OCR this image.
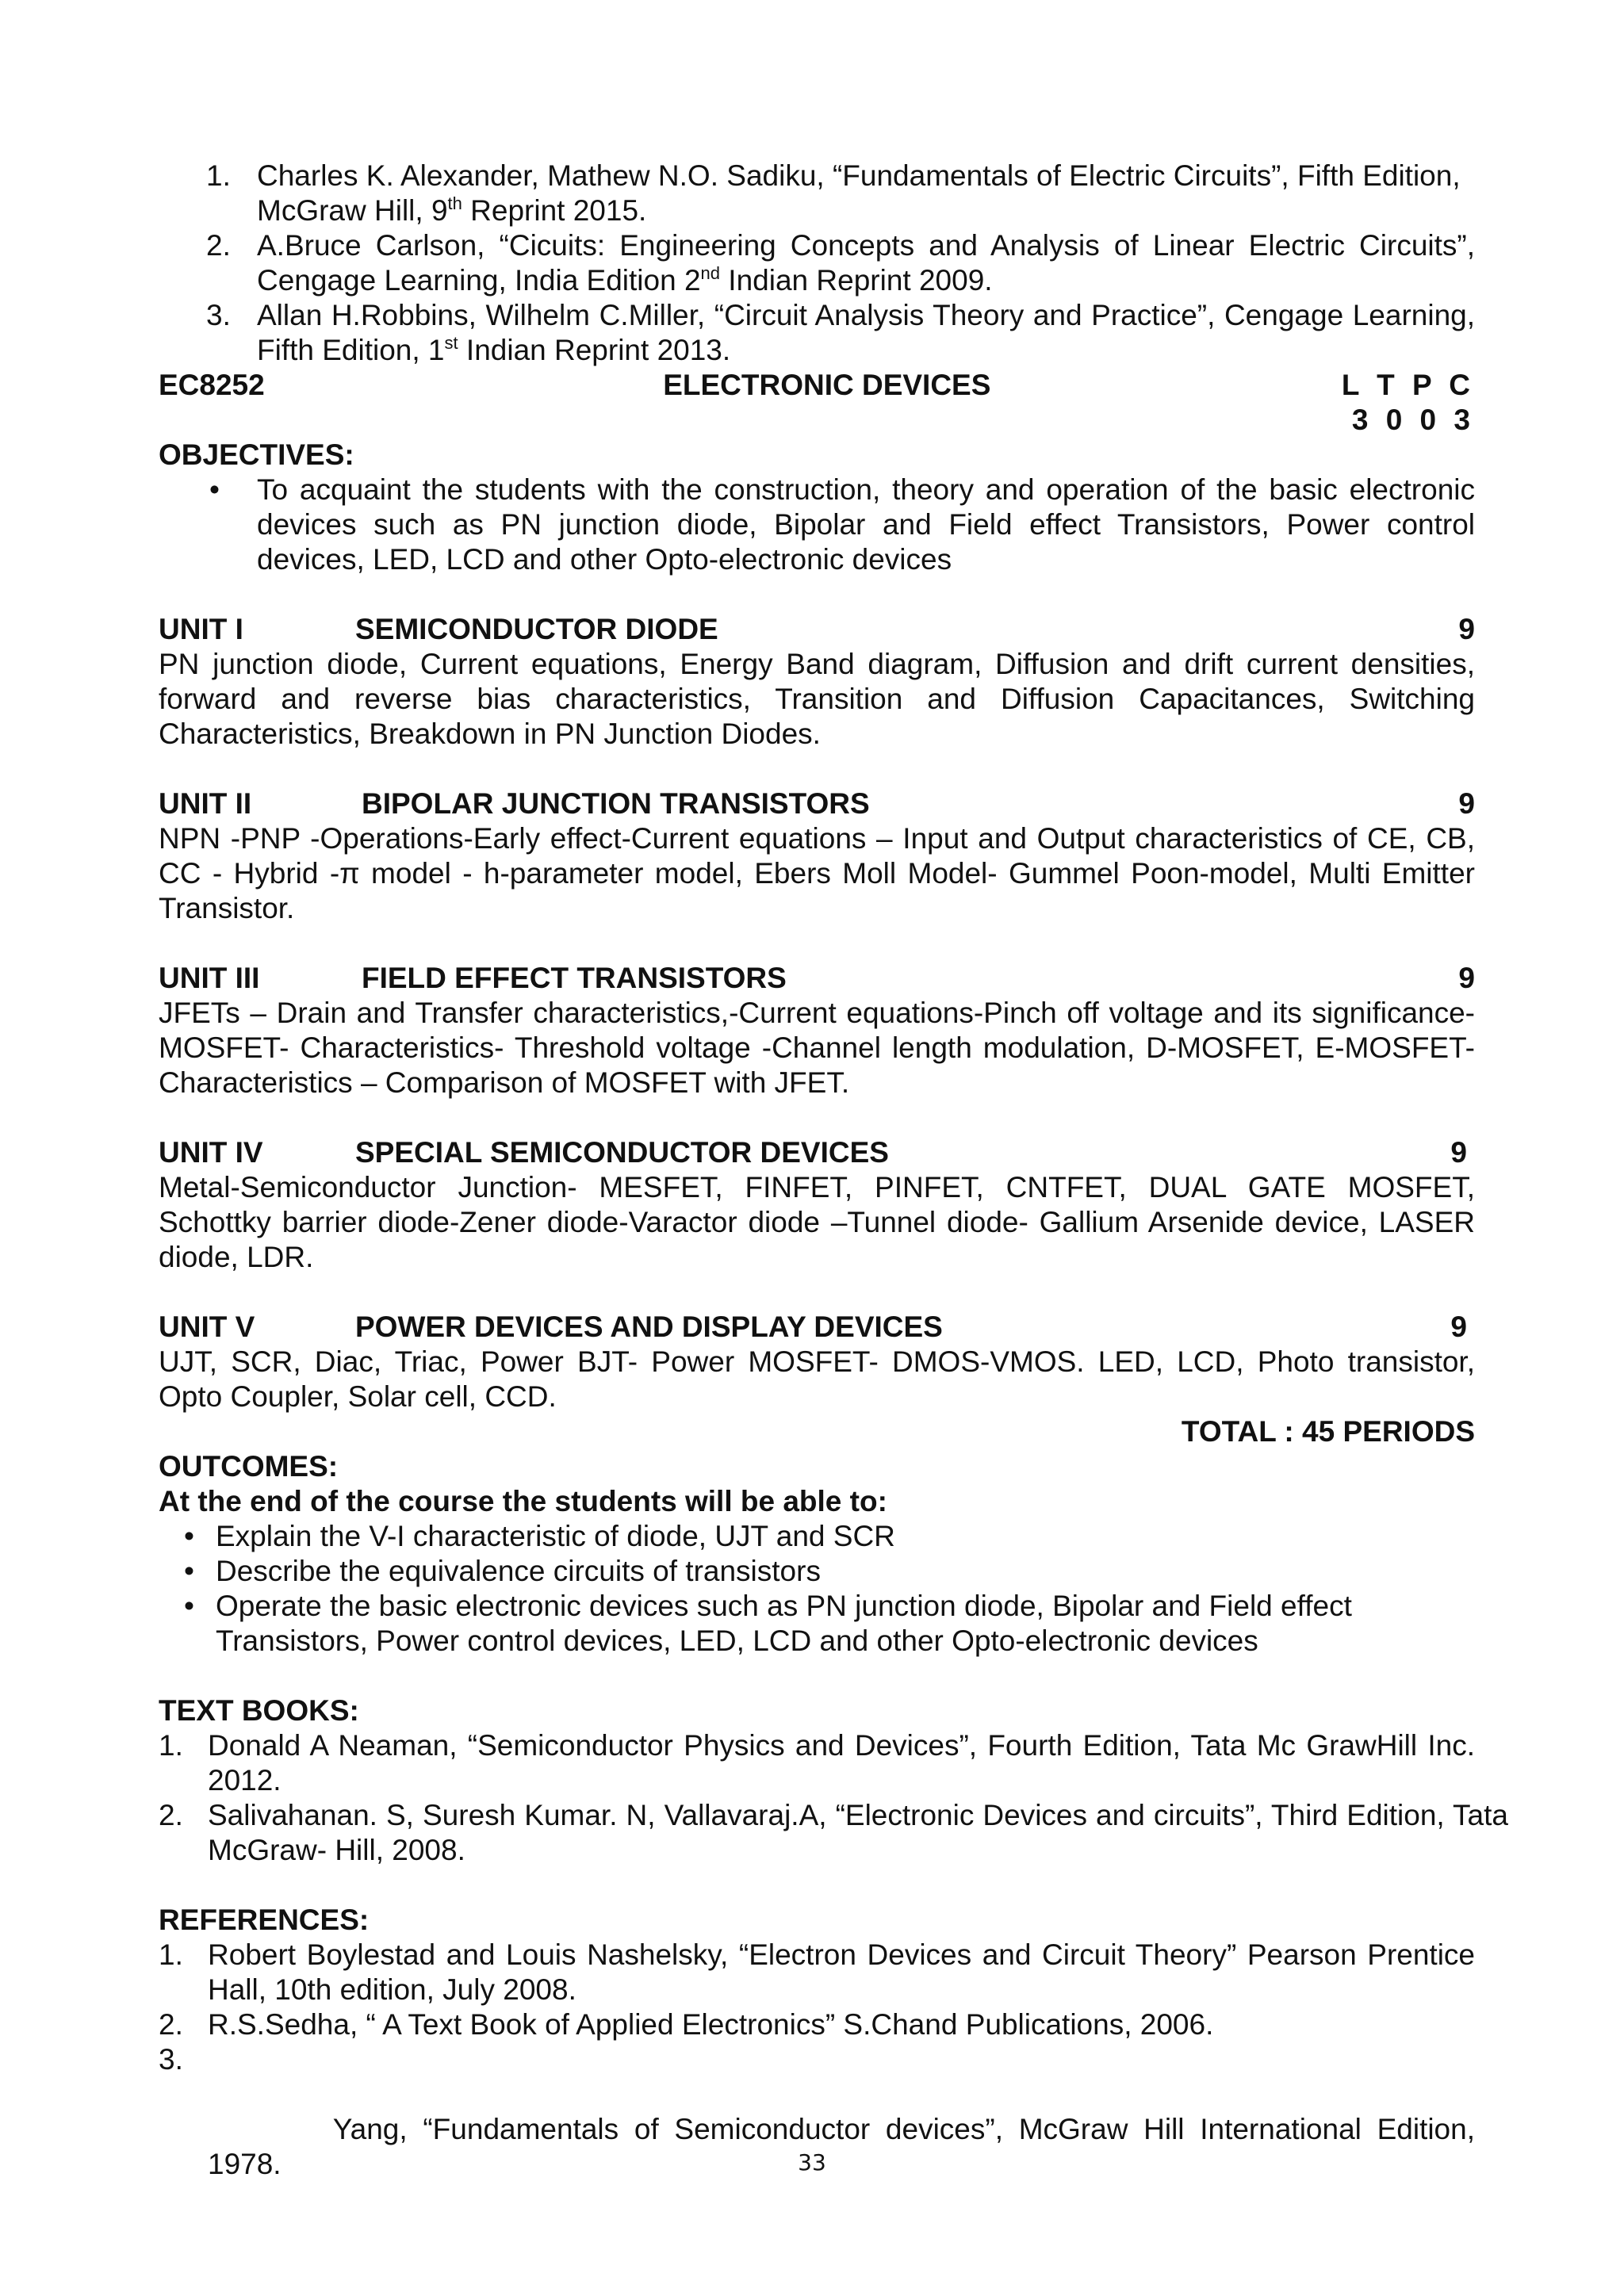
1. Charles K. Alexander, Mathew N.O. Sadiku, “Fundamentals of Electric Circuits”, Fifth Edition,
McGraw Hill, 9th Reprint 2015.
2. A.Bruce Carlson, “Cicuits: Engineering Concepts and Analysis of Linear Electric Circuits”, Cengage Learning, India Edition 2nd Indian Reprint 2009.
3. Allan H.Robbins, Wilhelm C.Miller, “Circuit Analysis Theory and Practice”, Cengage Learning, Fifth Edition, 1st Indian Reprint 2013.
EC8252	ELECTRONIC DEVICES	L T P C
3 0 0 3

OBJECTIVES:

• To acquaint the students with the construction, theory and operation of the basic electronic devices such as PN junction diode, Bipolar and Field effect Transistors, Power control devices, LED, LCD and other Opto-electronic devices
UNIT I	SEMICONDUCTOR DIODE	9

PN junction diode, Current equations, Energy Band diagram, Diffusion and drift current densities, forward and reverse bias characteristics, Transition and Diffusion Capacitances, Switching Characteristics, Breakdown in PN Junction Diodes.

UNIT II	BIPOLAR JUNCTION TRANSISTORS	9

NPN -PNP -Operations-Early effect-Current equations – Input and Output characteristics of CE, CB, CC - Hybrid -π model - h-parameter model, Ebers Moll Model- Gummel Poon-model, Multi Emitter Transistor.

UNIT III	FIELD EFFECT TRANSISTORS	9

JFETs – Drain and Transfer characteristics,-Current equations-Pinch off voltage and its significance- MOSFET- Characteristics- Threshold voltage -Channel length modulation, D-MOSFET, E-MOSFET- Characteristics – Comparison of MOSFET with JFET.

UNIT IV	SPECIAL SEMICONDUCTOR DEVICES	9

Metal-Semiconductor Junction- MESFET, FINFET, PINFET, CNTFET, DUAL GATE MOSFET, Schottky barrier diode-Zener diode-Varactor diode –Tunnel diode- Gallium Arsenide device, LASER diode, LDR.

UNIT V	POWER DEVICES AND DISPLAY DEVICES	9

UJT, SCR, Diac, Triac, Power BJT- Power MOSFET- DMOS-VMOS. LED, LCD, Photo transistor, Opto Coupler, Solar cell, CCD.

TOTAL : 45 PERIODS

OUTCOMES:

At the end of the course the students will be able to:

• Explain the V-I characteristic of diode, UJT and SCR
• Describe the equivalence circuits of transistors
• Operate the basic electronic devices such as PN junction diode, Bipolar and Field effect Transistors, Power control devices, LED, LCD and other Opto-electronic devices

TEXT BOOKS:

1. Donald A Neaman, “Semiconductor Physics and Devices”, Fourth Edition, Tata Mc GrawHill Inc. 2012.
2. Salivahanan. S, Suresh Kumar. N, Vallavaraj.A, “Electronic Devices and circuits”, Third Edition, Tata McGraw- Hill, 2008.

REFERENCES:

1. Robert Boylestad and Louis Nashelsky, “Electron Devices and Circuit Theory” Pearson Prentice Hall, 10th edition, July 2008.
2. R.S.Sedha, “ A Text Book of Applied Electronics” S.Chand Publications, 2006.

3.

Yang, “Fundamentals of Semiconductor devices”, McGraw Hill International Edition,      1978.
	33
